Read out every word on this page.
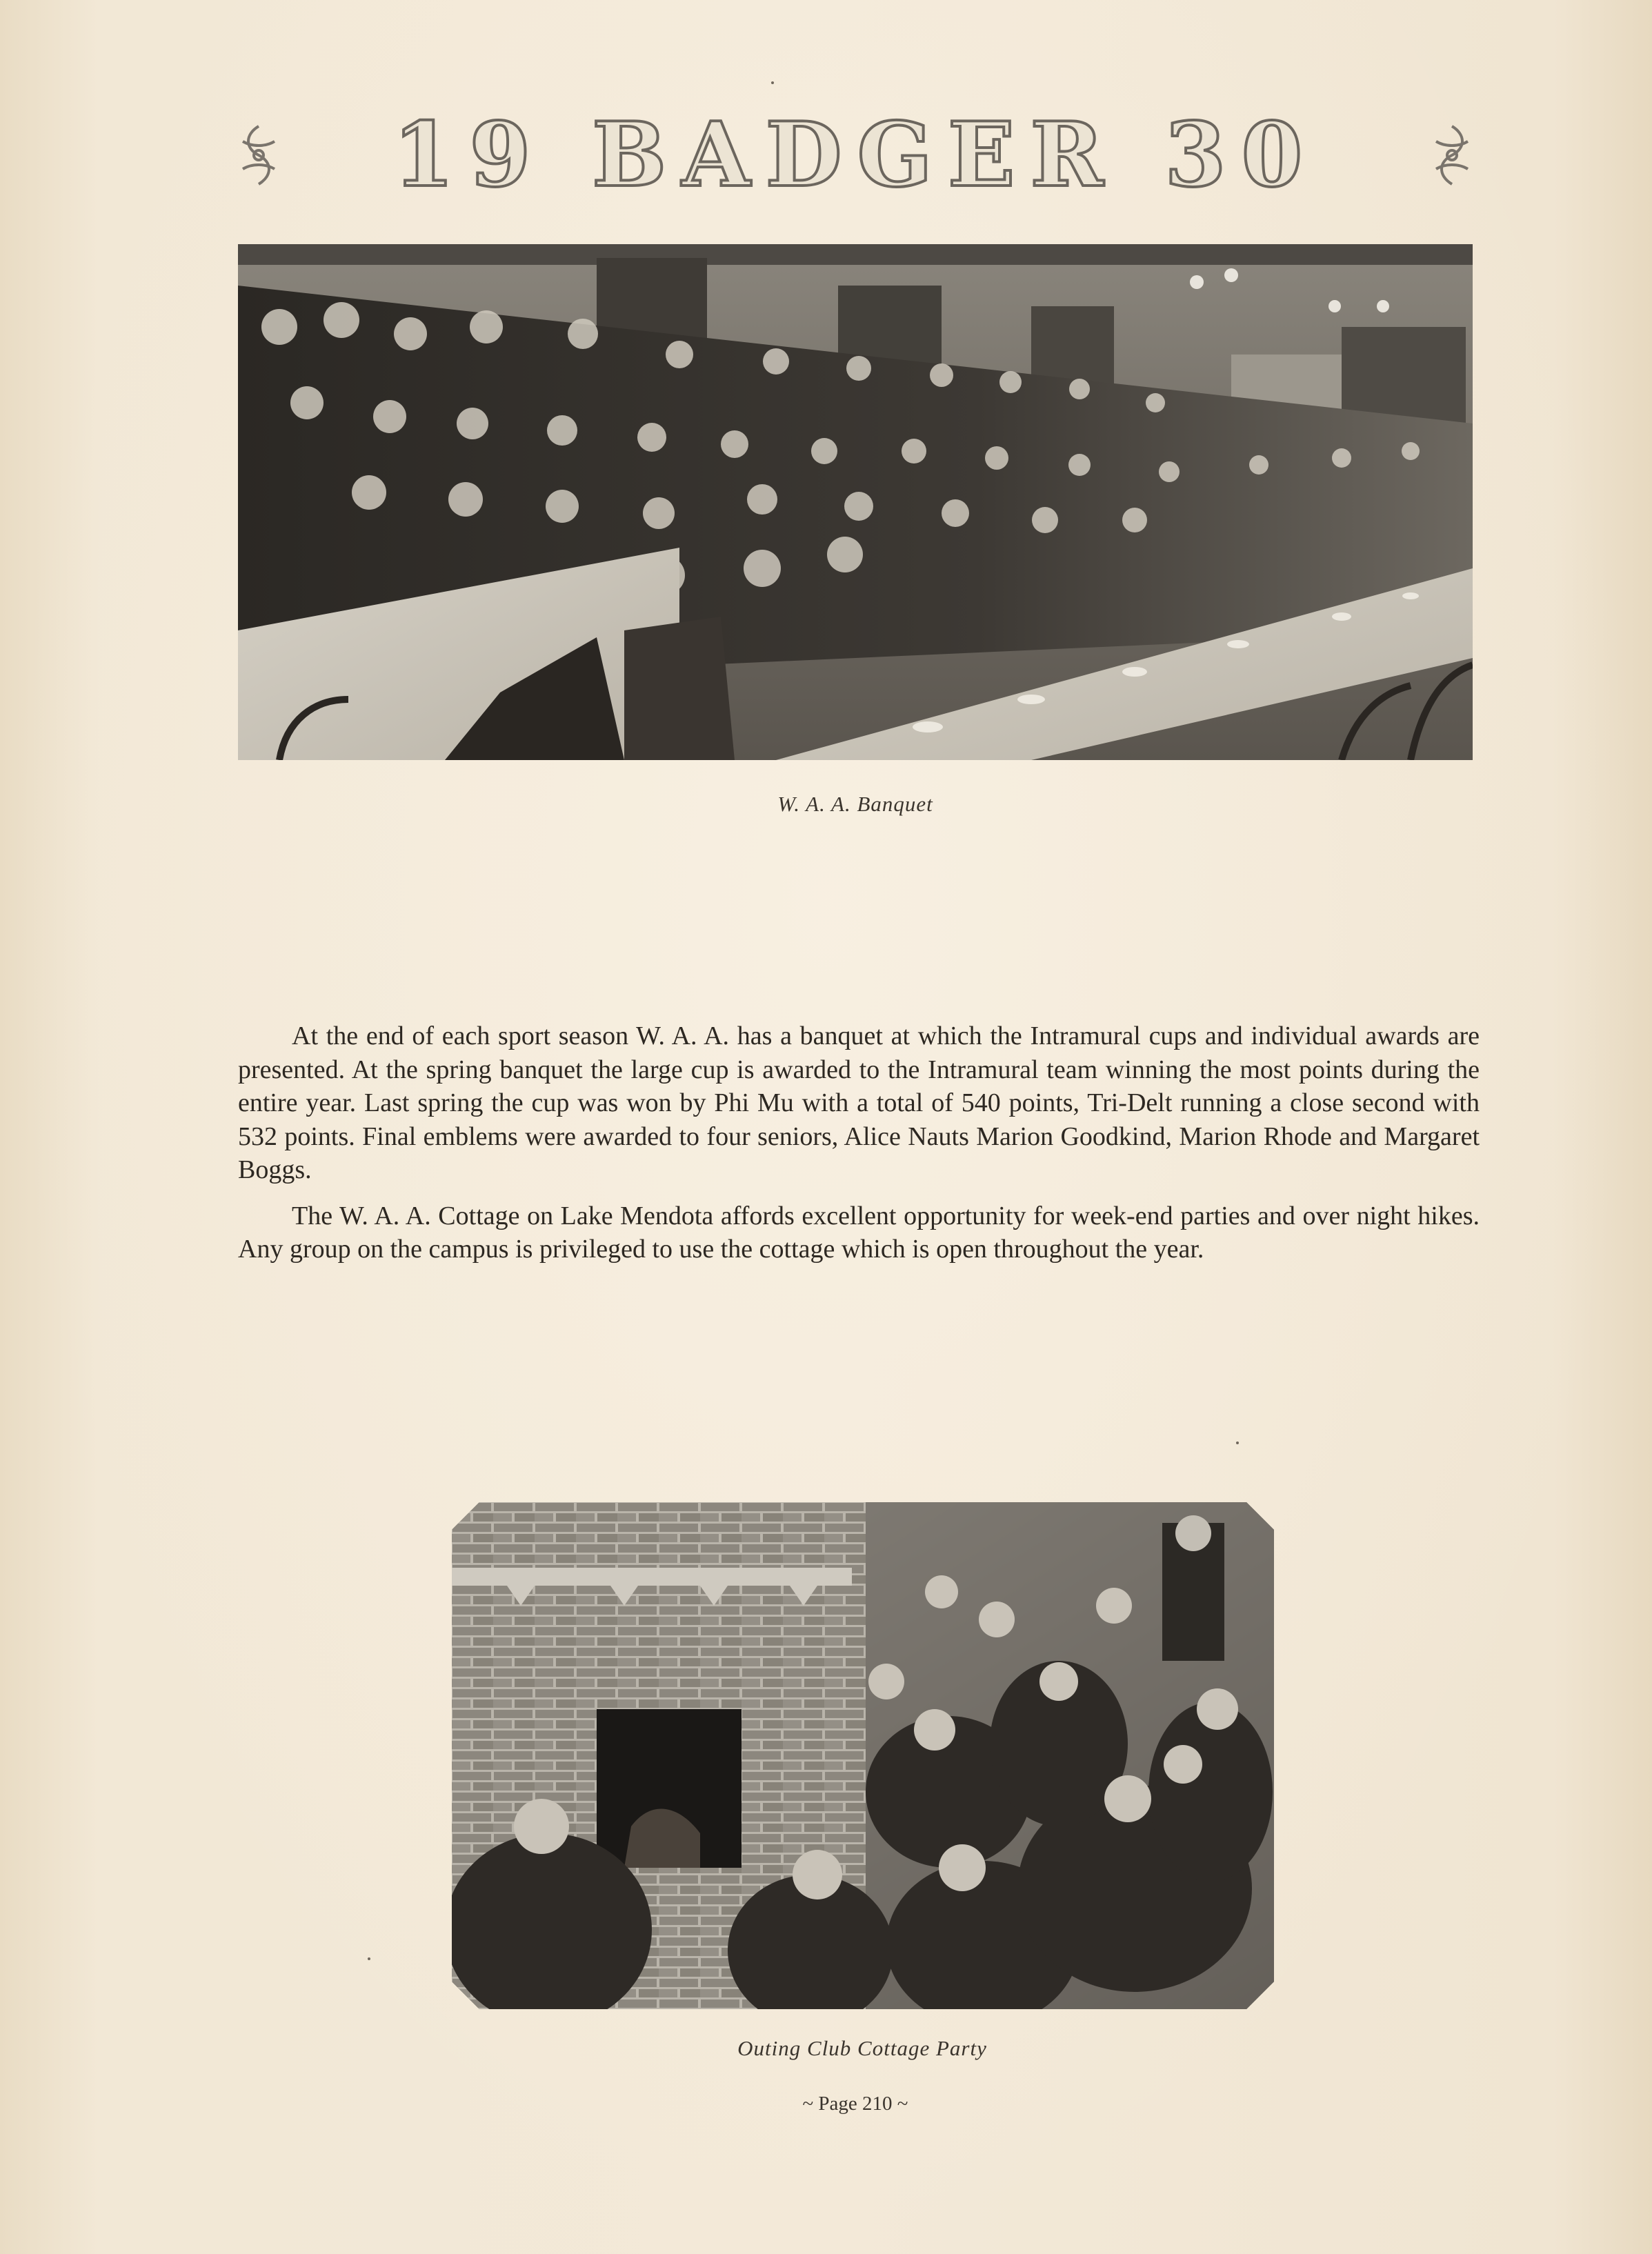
19 BADGER 30
W. A. A. Banquet

At the end of each sport season W. A. A. has a banquet at which the Intramural cups and individual awards are presented. At the spring banquet the large cup is awarded to the Intramural team winning the most points during the entire year. Last spring the cup was won by Phi Mu with a total of 540 points, Tri-Delt running a close second with 532 points. Final emblems were awarded to four seniors, Alice Nauts Marion Goodkind, Marion Rhode and Margaret Boggs.

The W. A. A. Cottage on Lake Mendota affords excellent opportunity for week-end parties and over night hikes. Any group on the campus is privileged to use the cottage which is open throughout the year.

Outing Club Cottage Party
~ Page 210 ~
